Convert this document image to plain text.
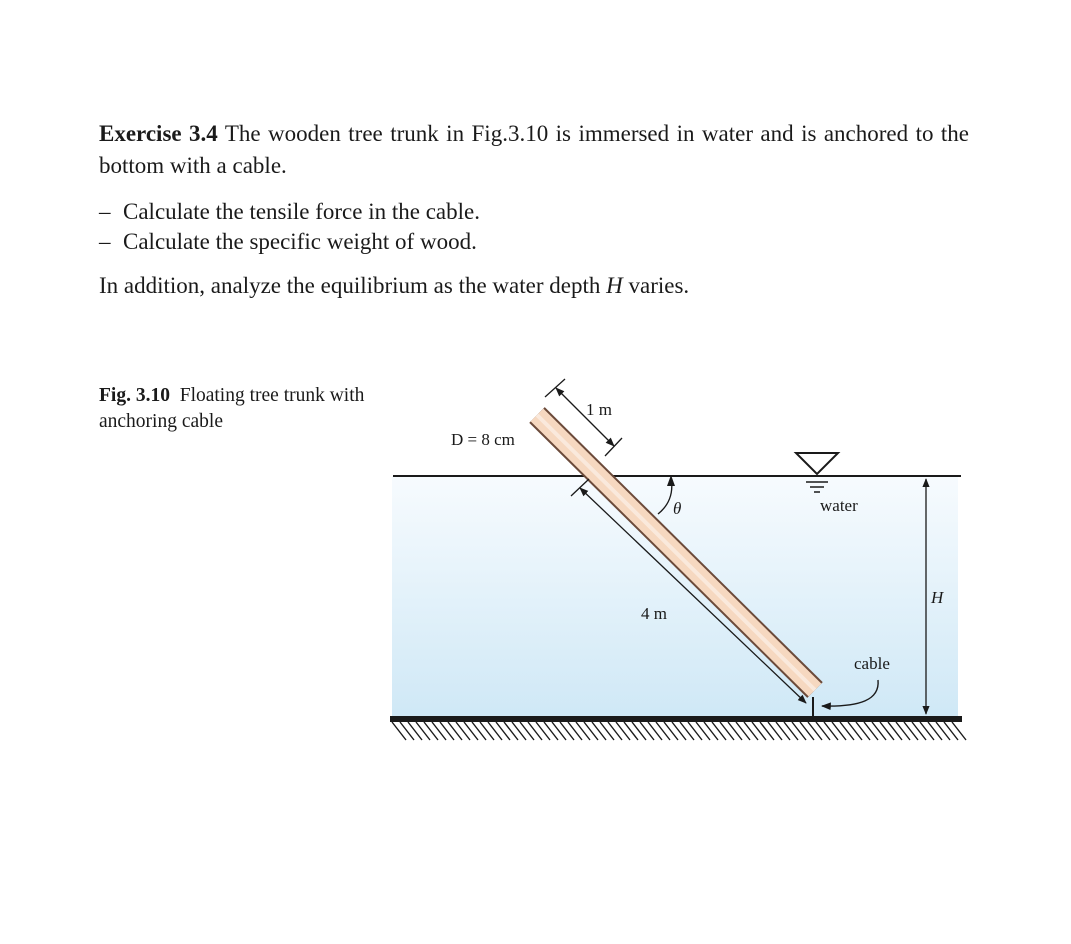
Exercise 3.4 The wooden tree trunk in Fig.3.10 is immersed in water and is anchored to the bottom with a cable.

– Calculate the tensile force in the cable.
– Calculate the specific weight of wood.

In addition, analyze the equilibrium as the water depth H varies.

Fig. 3.10 Floating tree trunk with anchoring cable
D = 8 cm
1 m
θ	water
4 m
H
cable
